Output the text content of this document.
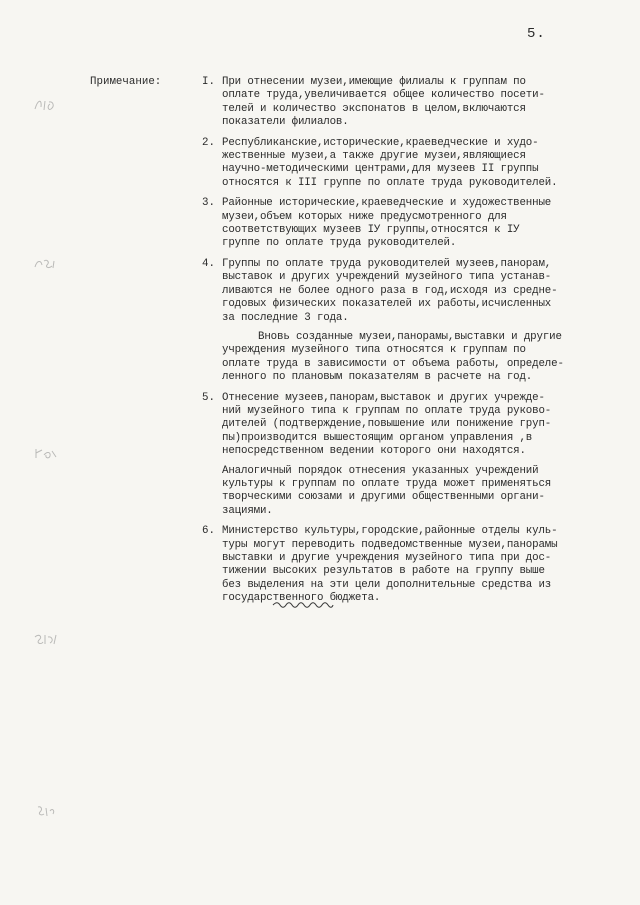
5.
Примечание:	I. При отнесении музеи,имеющие филиалы к группам по
оплате труда,увеличивается общее количество посети-
телей и количество экспонатов в целом,включаются
показатели филиалов.
2. Республиканские,исторические,краеведческие и худо-
жественные музеи,а также другие музеи,являющиеся
научно-методическими центрами,для музеев II группы
относятся к III группе по оплате труда руководителей.
3. Районные исторические,краеведческие и художественные
музеи,объем которых ниже предусмотренного для
соответствующих музеев IУ группы,относятся к IУ
группе по оплате труда руководителей.
4. Группы по оплате труда руководителей музеев,панорам,
выставок и других учреждений музейного типа устанав-
ливаются не более одного раза в год,исходя из средне-
годовых физических показателей их работы,исчисленных
за последние 3 года.
Вновь созданные музеи,панорамы,выставки и другие
учреждения музейного типа относятся к группам по
оплате труда в зависимости от объема работы, определе-
ленного по плановым показателям в расчете на год.
5. Отнесение музеев,панорам,выставок и других учрежде-
ний музейного типа к группам по оплате труда руково-
дителей (подтверждение,повышение или понижение груп-
пы)производится вышестоящим органом управления ,в
непосредственном ведении которого они находятся.
Аналогичный порядок отнесения указанных учреждений
культуры к группам по оплате труда может применяться
творческими союзами и другими общественными органи-
зациями.
6. Министерство культуры,городские,районные отделы куль-
туры могут переводить подведомственные музеи,панорамы
выставки и другие учреждения музейного типа при дос-
тижении высоких результатов в работе на группу выше
без выделения на эти цели дополнительные средства из
государственного бюджета.
